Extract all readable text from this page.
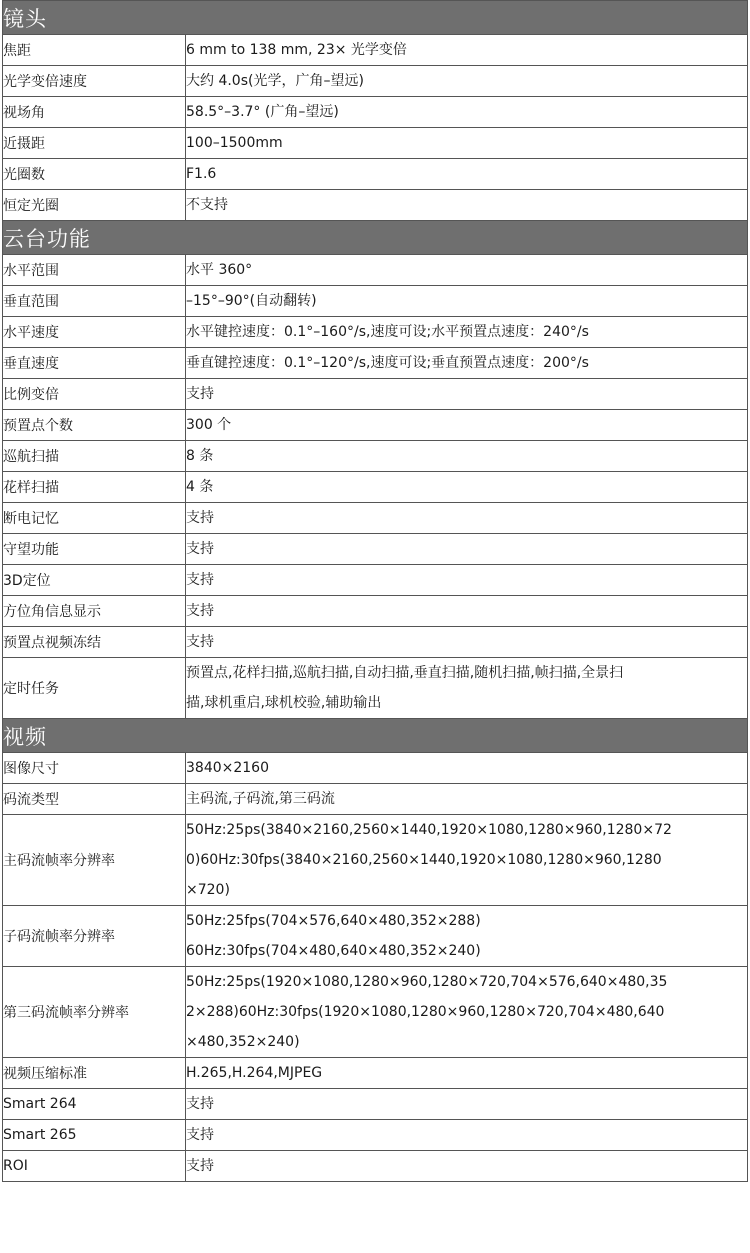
镜头	
焦距	6 mm to 138 mm, 23× 光学变倍

光学变倍速度	大约 4.0s(光学，广角–望远)

视场角	58.5°–3.7° (广角–望远)

近摄距	100–1500mm

光圈数	F1.6

恒定光圈	不支持

云台功能	
水平范围	水平 360°

垂直范围	–15°–90°(自动翻转)

水平速度	水平键控速度：0.1°–160°/s,速度可设;水平预置点速度：240°/s

垂直速度	垂直键控速度：0.1°–120°/s,速度可设;垂直预置点速度：200°/s

比例变倍	支持

预置点个数	300 个

巡航扫描	8 条

花样扫描	4 条

断电记忆	支持

守望功能	支持

3D定位	支持

方位角信息显示	支持

预置点视频冻结	支持

定时任务	预置点,花样扫描,巡航扫描,自动扫描,垂直扫描,随机扫描,帧扫描,全景扫
描,球机重启,球机校验,辅助输出

视频	
图像尺寸	3840×2160

码流类型	主码流,子码流,第三码流

主码流帧率分辨率	50Hz:25ps(3840×2160,2560×1440,1920×1080,1280×960,1280×72
0)60Hz:30fps(3840×2160,2560×1440,1920×1080,1280×960,1280
×720)

子码流帧率分辨率	50Hz:25fps(704×576,640×480,352×288)
60Hz:30fps(704×480,640×480,352×240)

第三码流帧率分辨率	50Hz:25ps(1920×1080,1280×960,1280×720,704×576,640×480,35
2×288)60Hz:30fps(1920×1080,1280×960,1280×720,704×480,640
×480,352×240)

视频压缩标准	H.265,H.264,MJPEG

Smart 264	支持

Smart 265	支持

ROI	支持
